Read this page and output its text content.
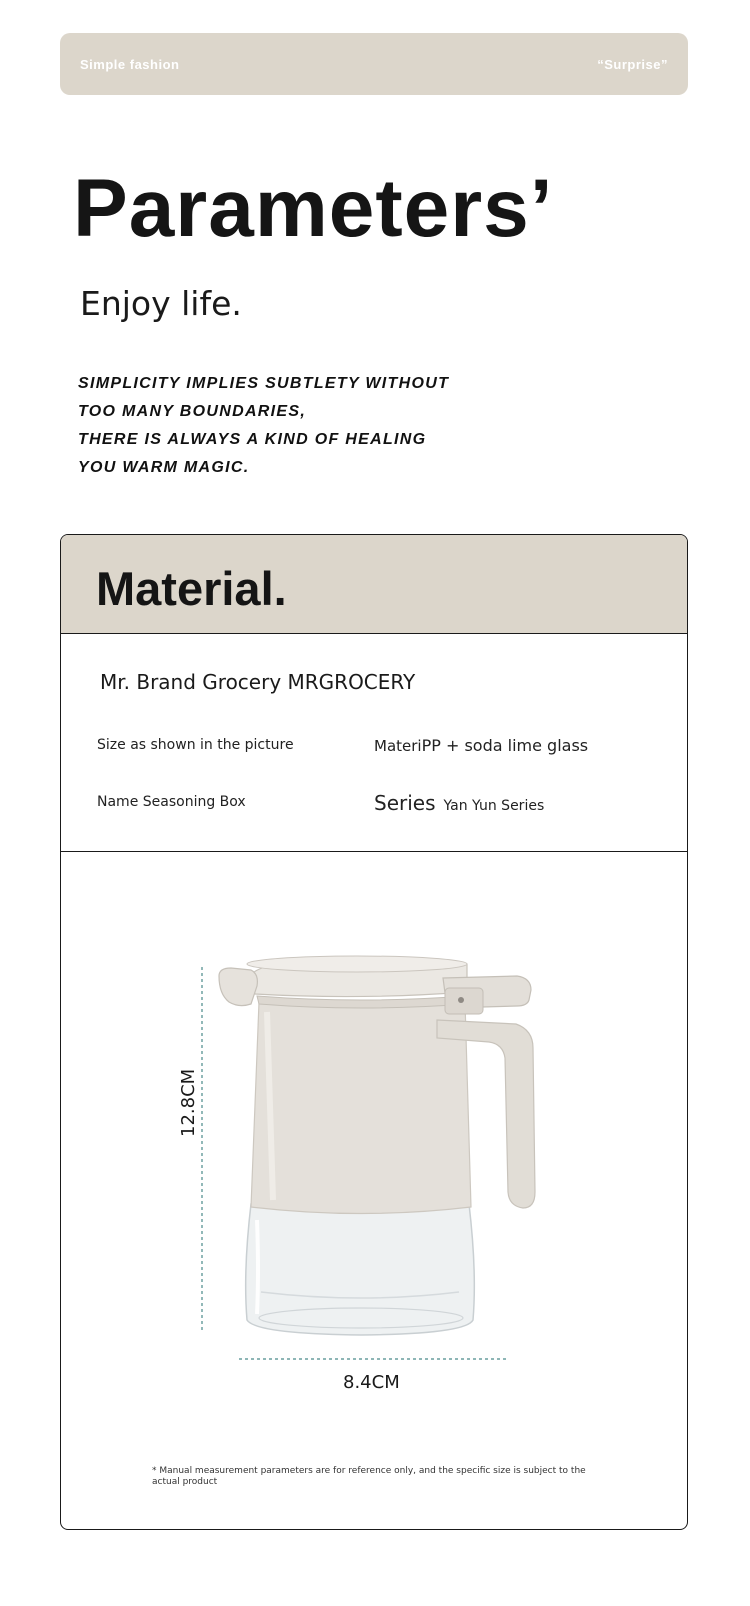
Simple fashion	“Surprise”
Parameters’

Enjoy life.

SIMPLICITY IMPLIES SUBTLETY WITHOUT
TOO MANY BOUNDARIES,
THERE IS ALWAYS A KIND OF HEALING
YOU WARM MAGIC.
Material.
Mr. Brand Grocery MRGROCERY
Size as shown in the picture	MateriPP + soda lime glass
Name Seasoning Box	Series Yan Yun Series
12.8CM
8.4CM
* Manual measurement parameters are for reference only, and the specific size is subject to the actual product
